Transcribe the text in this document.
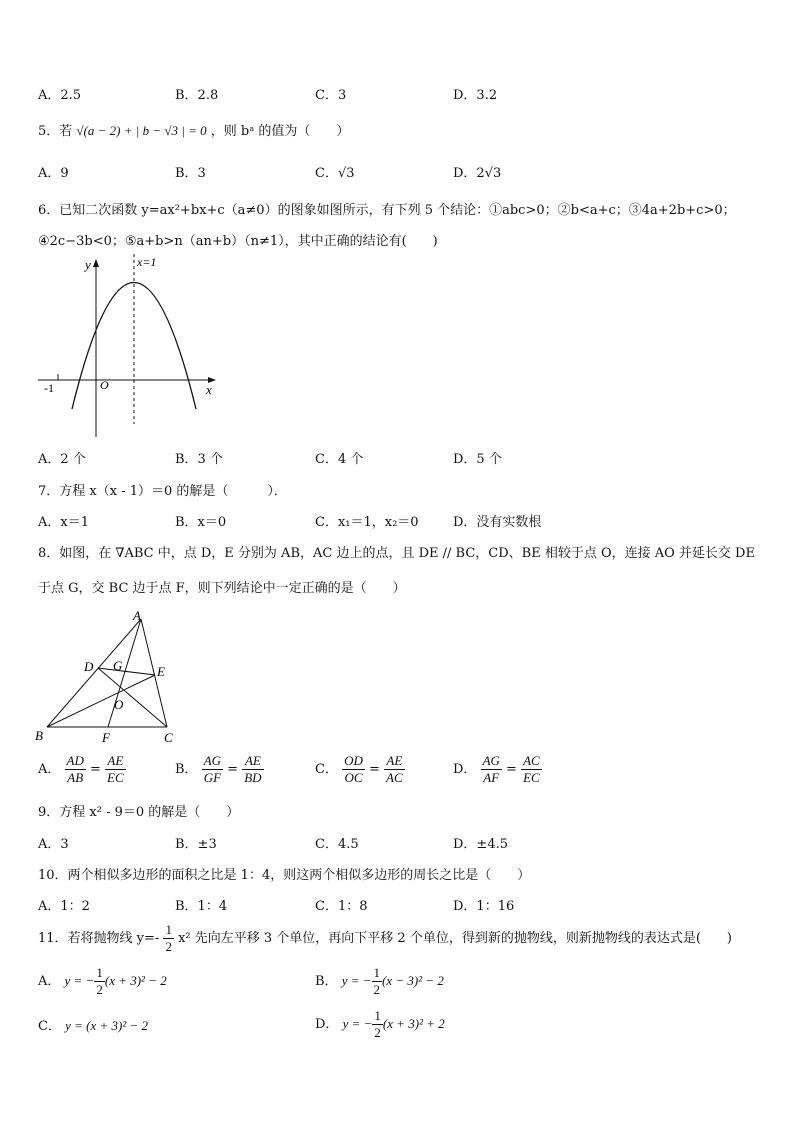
A．2.5	B．2.8	C．3	D．3.2
5．若 √(a − 2) + | b − √3 | = 0 ，则 bᵃ 的值为（　　）
A．9	B．3	C．√3	D．2√3
6．已知二次函数 y=ax²+bx+c（a≠0）的图象如图所示，有下列 5 个结论：①abc>0；②b<a+c；③4a+2b+c>0；
④2c−3b<0；⑤a+b>n（an+b）（n≠1），其中正确的结论有(　　)
y
x
x=1
O
-1
A．2 个	B．3 个	C．4 个	D．5 个
7．方程 x（x - 1）＝0 的解是（　　　）．
A．x＝1	B．x＝0	C．x₁＝1，x₂＝0	D．没有实数根
8．如图，在 ∇ABC 中，点 D，E 分别为 AB，AC 边上的点，且 DE // BC，CD、BE 相较于点 O，连接 AO 并延长交 DE
于点 G，交 BC 边于点 F，则下列结论中一定正确的是（　　）
A
B	C
D	E
F
G
O
A． $\frac{AD}{AB} = \frac{AE}{EC}$	B． $\frac{AG}{GF} = \frac{AE}{BD}$	C． $\frac{OD}{OC} = \frac{AE}{AC}$	D． $\frac{AG}{AF} = \frac{AC}{EC}$
9．方程 x² - 9＝0 的解是（　　）
A．3	B．±3	C．4.5	D．±4.5
10．两个相似多边形的面积之比是 1：4，则这两个相似多边形的周长之比是（　　）
A．1：2	B．1：4	C．1：8	D．1：16
11．若将抛物线 $y=- \frac{1}{2} x^2$ 先向左平移 3 个单位，再向下平移 2 个单位，得到新的抛物线，则新抛物线的表达式是(　　)
A． y = − $\frac{1}{2} (x + 3)^2 - 2$	B． y = − $\frac{1}{2} (x - 3)^2 - 2$
C． y = (x + 3)² − 2	D． y = − $\frac{1}{2} (x + 3)^2 + 2$
